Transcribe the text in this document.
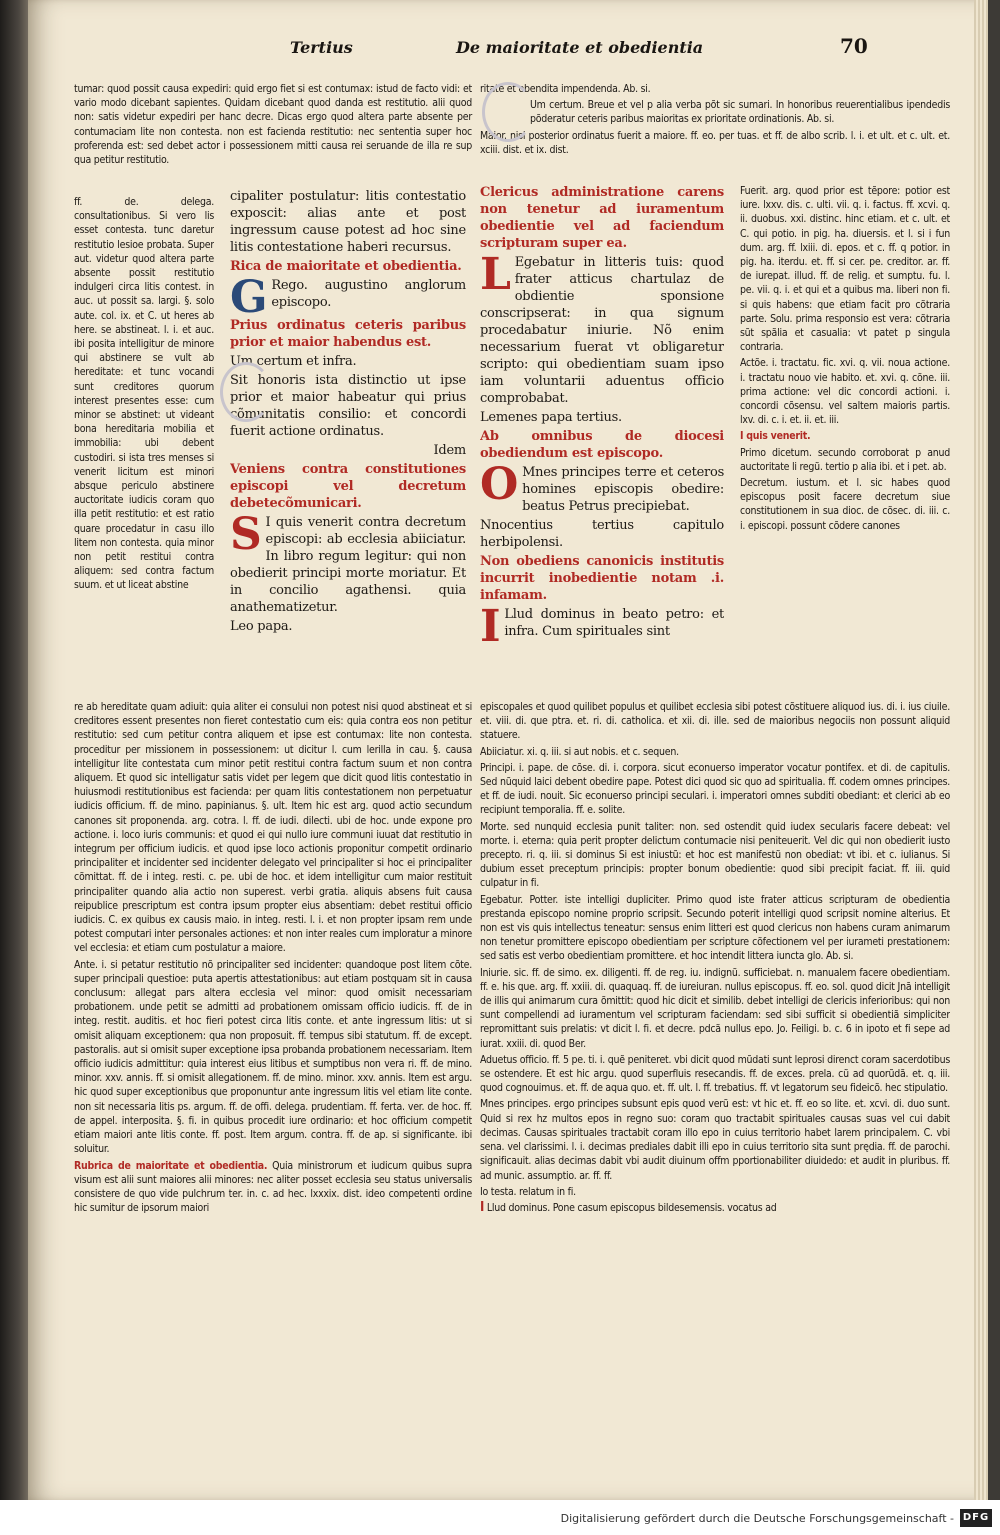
Tertius	De maioritate et obedientia	70

tumar: quod possit causa expediri: quid ergo fiet si est contumax: istud de facto vidi: et vario modo dicebant sapientes. Quidam dicebant quod danda est restitutio. alii quod non: satis videtur expediri per hanc decre. Dicas ergo quod altera parte absente per contumaciam lite non contesta. non est facienda restitutio: nec sententia super hoc proferenda est: sed debet actor i possessionem mitti causa rei seruande de illa re sup qua petitur restitutio.

ff. de. delega. consultationibus. Si vero lis esset contesta. tunc daretur restitutio lesioe probata. Super aut. videtur quod altera parte absente possit restitutio indulgeri circa litis contest. in auc. ut possit sa. largi. §. solo aute. col. ix. et C. ut heres ab here. se abstineat. l. i. et auc. ibi posita intelligitur de minore qui abstinere se vult ab hereditate: et tunc vocandi sunt creditores quorum interest presentes esse: cum minor se abstinet: ut videant bona hereditaria mobilia et immobilia: ubi debent custodiri. si ista tres menses si venerit licitum est minori absque periculo abstinere auctoritate iudicis coram quo illa petit restitutio: et est ratio quare procedatur in casu illo litem non contesta. quia minor non petit restitui contra aliquem: sed contra factum suum. et ut liceat abstine

cipaliter postulatur: litis contestatio exposcit: alias ante et post ingressum cause potest ad hoc sine litis contestatione haberi recursus.

Rica de maioritate et obedientia.

G Rego. augustino anglorum episcopo.

Prius ordinatus ceteris paribus prior et maior habendus est.

Um certum et infra.

Sit honoris ista distinctio ut ipse prior et maior habeatur qui prius cõmunitatis consilio: et concordi fuerit actione ordinatus.

Idem

Veniens contra constitutiones episcopi vel decretum debetecõmunicari.

S I quis venerit contra decretum episcopi: ab ecclesia abiiciatur. In libro regum legitur: qui non obedierit principi morte moriatur. Et in concilio agathensi. quia anathematizetur.

Leo papa.

ritate et obendita impendenda. Ab. si.

Um certum. Breue et vel p alia verba põt sic sumari. In honoribus reuerentialibus ipendedis põderatur ceteris paribus maioritas ex prioritate ordinationis. Ab. si.

Maior. nisi posterior ordinatus fuerit a maiore. ff. eo. per tuas. et ff. de albo scrib. l. i. et ult. et c. ult. et. xciii. dist. et ix. dist.

Clericus administratione carens non tenetur ad iuramentum obedientie vel ad faciendum scripturam super ea.

L Egebatur in litteris tuis: quod frater atticus chartulaz de obdientie sponsione conscripserat: in qua signum procedabatur iniurie. Nõ enim necessarium fuerat vt obligaretur scripto: qui obedientiam suam ipso iam voluntarii aduentus officio comprobabat.

Lemenes papa tertius.

Ab omnibus de diocesi obediendum est episcopo.

O Mnes principes terre et ceteros homines episcopis obedire: beatus Petrus precipiebat.

Nnocentius tertius capitulo herbipolensi.

Non obediens canonicis institutis incurrit inobedientie notam .i. infamam.

I Llud dominus in beato petro: et infra. Cum spirituales sint

Fuerit. arg. quod prior est tẽpore: potior est iure. lxxv. dis. c. ulti. vii. q. i. factus. ff. xcvi. q. ii. duobus. xxi. distinc. hinc etiam. et c. ult. et C. qui potio. in pig. ha. diuersis. et l. si i fun dum. arg. ff. lxiii. di. epos. et c. ff. q potior. in pig. ha. iterdu. et. ff. si cer. pe. creditor. ar. ff. de iurepat. illud. ff. de relig. et sumptu. fu. l. pe. vii. q. i. et qui et a quibus ma. liberi non fi. si quis habens: que etiam facit pro cõtraria parte. Solu. prima responsio est vera: cõtraria sũt spãlia et casualia: vt patet p singula contraria.

Actõe. i. tractatu. fic. xvi. q. vii. noua actione. i. tractatu nouo vie habito. et. xvi. q. cõne. iii. prima actione: vel dic concordi actioni. i. concordi cõsensu. vel saltem maioris partis. lxv. di. c. i. et. ii. et. iii.

I quis venerit.

Primo dicetum. secundo corroborat p anud auctoritate li regũ. tertio p alia ibi. et i pet. ab.

Decretum. iustum. et l. sic habes quod episcopus posit facere decretum siue constitutionem in sua dioc. de cõsec. di. iii. c. i. episcopi. possunt cõdere canones

re ab hereditate quam adiuit: quia aliter ei consului non potest nisi quod abstineat et si creditores essent presentes non fieret contestatio cum eis: quia contra eos non petitur restitutio: sed cum petitur contra aliquem et ipse est contumax: lite non contesta. proceditur per missionem in possessionem: ut dicitur l. cum lerilla in cau. §. causa intelligitur lite contestata cum minor petit restitui contra factum suum et non contra aliquem. Et quod sic intelligatur satis videt per legem que dicit quod litis contestatio in huiusmodi restitutionibus est facienda: per quam litis contestationem non perpetuatur iudicis officium. ff. de mino. papinianus. §. ult. Item hic est arg. quod actio secundum canones sit proponenda. arg. cotra. l. ff. de iudi. dilecti. ubi de hoc. unde expone pro actione. i. loco iuris communis: et quod ei qui nullo iure communi iuuat dat restitutio in integrum per officium iudicis. et quod ipse loco actionis proponitur competit ordinario principaliter et incidenter sed incidenter delegato vel principaliter si hoc ei principaliter cõmittat. ff. de i integ. resti. c. pe. ubi de hoc. et idem intelligitur cum maior restituit principaliter quando alia actio non superest. verbi gratia. aliquis absens fuit causa reipublice prescriptum est contra ipsum propter eius absentiam: debet restitui officio iudicis. C. ex quibus ex causis maio. in integ. resti. l. i. et non propter ipsam rem unde potest computari inter personales actiones: et non inter reales cum imploratur a minore vel ecclesia: et etiam cum postulatur a maiore.

Ante. i. si petatur restitutio nõ principaliter sed incidenter: quandoque post litem cõte. super principali questioe: puta apertis attestationibus: aut etiam postquam sit in causa conclusum: allegat pars altera ecclesia vel minor: quod omisit necessariam probationem. unde petit se admitti ad probationem omissam officio iudicis. ff. de in integ. restit. auditis. et hoc fieri potest circa litis conte. et ante ingressum litis: ut si omisit aliquam exceptionem: qua non proposuit. ff. tempus sibi statutum. ff. de except. pastoralis. aut si omisit super exceptione ipsa probanda probationem necessariam. Item officio iudicis admittitur: quia interest eius litibus et sumptibus non vera ri. ff. de mino. minor. xxv. annis. ff. si omisit allegationem. ff. de mino. minor. xxv. annis. Item est argu. hic quod super exceptionibus que proponuntur ante ingressum litis vel etiam lite conte. non sit necessaria litis ps. argum. ff. de offi. delega. prudentiam. ff. ferta. ver. de hoc. ff. de appel. interposita. §. fi. in quibus procedit iure ordinario: et hoc officium competit etiam maiori ante litis conte. ff. post. Item argum. contra. ff. de ap. si significante. ibi soluitur.

Rubrica de maioritate et obedientia. Quia ministrorum et iudicum quibus supra visum est alii sunt maiores alii minores: nec aliter posset ecclesia seu status universalis consistere de quo vide pulchrum ter. in. c. ad hec. lxxxix. dist. ideo competenti ordine hic sumitur de ipsorum maiori

episcopales et quod quilibet populus et quilibet ecclesia sibi potest cõstituere aliquod ius. di. i. ius ciuile. et. viii. di. que ptra. et. ri. di. catholica. et xii. di. ille. sed de maioribus negociis non possunt aliquid statuere.

Abiiciatur. xi. q. iii. si aut nobis. et c. sequen.

Principi. i. pape. de cõse. di. i. corpora. sicut econuerso imperator vocatur pontifex. et di. de capitulis. Sed nũquid laici debent obedire pape. Potest dici quod sic quo ad spiritualia. ff. codem omnes principes. et ff. de iudi. nouit. Sic econuerso principi seculari. i. imperatori omnes subditi obediant: et clerici ab eo recipiunt temporalia. ff. e. solite.

Morte. sed nunquid ecclesia punit taliter: non. sed ostendit quid iudex secularis facere debeat: vel morte. i. eterna: quia perit propter delictum contumacie nisi peniteuerit. Vel dic qui non obedierit iusto precepto. ri. q. iii. si dominus Si est iniustũ: et hoc est manifestũ non obediat: vt ibi. et c. iulianus. Si dubium esset preceptum principis: propter bonum obedientie: quod sibi precipit faciat. ff. iii. quid culpatur in fi.

Egebatur. Potter. iste intelligi dupliciter. Primo quod iste frater atticus scripturam de obedientia prestanda episcopo nomine proprio scripsit. Secundo poterit intelligi quod scripsit nomine alterius. Et non est vis quis intellectus teneatur: sensus enim litteri est quod clericus non habens curam animarum non tenetur promittere episcopo obedientiam per scripture cõfectionem vel per iurameti prestationem: sed satis est verbo obedientiam promittere. et hoc intendit littera iuncta glo. Ab. si.

Iniurie. sic. ff. de simo. ex. diligenti. ff. de reg. iu. indignũ. sufficiebat. n. manualem facere obedientiam. ff. e. his que. arg. ff. xxiii. di. quaquaq. ff. de iureiuran. nullus episcopus. ff. eo. sol. quod dicit Jnā intelligit de illis qui animarum cura õmittit: quod hic dicit et similib. debet intelligi de clericis inferioribus: qui non sunt compellendi ad iuramentum vel scripturam faciendam: sed sibi sufficit si obedientiã simpliciter repromittant suis prelatis: vt dicit l. fi. et decre. pdcã nullus epo. Jo. Feiligi. b. c. 6 in ipoto et fi sepe ad iurat. xxiii. di. quod Ber.

Aduetus officio. ff. 5 pe. ti. i. quẽ peniteret. vbi dicit quod mũdati sunt leprosi direnct coram sacerdotibus se ostendere. Et est hic argu. quod superfluis resecandis. ff. de exces. prela. cũ ad quorũdã. et. q. iii. quod cognouimus. et. ff. de aqua quo. et. ff. ult. l. ff. trebatius. ff. vt legatorum seu fideicõ. hec stipulatio.

Mnes principes. ergo principes subsunt epis quod verũ est: vt hic et. ff. eo so lite. et. xcvi. di. duo sunt. Quid si rex hz multos epos in regno suo: coram quo tractabit spirituales causas suas vel cui dabit decimas. Causas spirituales tractabit coram illo epo in cuius territorio habet larem principalem. C. vbi sena. vel clarissimi. l. i. decimas prediales dabit illi epo in cuius territorio sita sunt prędia. ff. de parochi. significauit. alias decimas dabit vbi audit diuinum offm pportionabiliter diuidedo: et audit in pluribus. ff. ad munic. assumptio. ar. ff. ff.

Io testa. relatum in fi.

I Llud dominus. Pone casum episcopus bildesemensis. vocatus ad

Digitalisierung gefördert durch die Deutsche Forschungsgemeinschaft - DFG
